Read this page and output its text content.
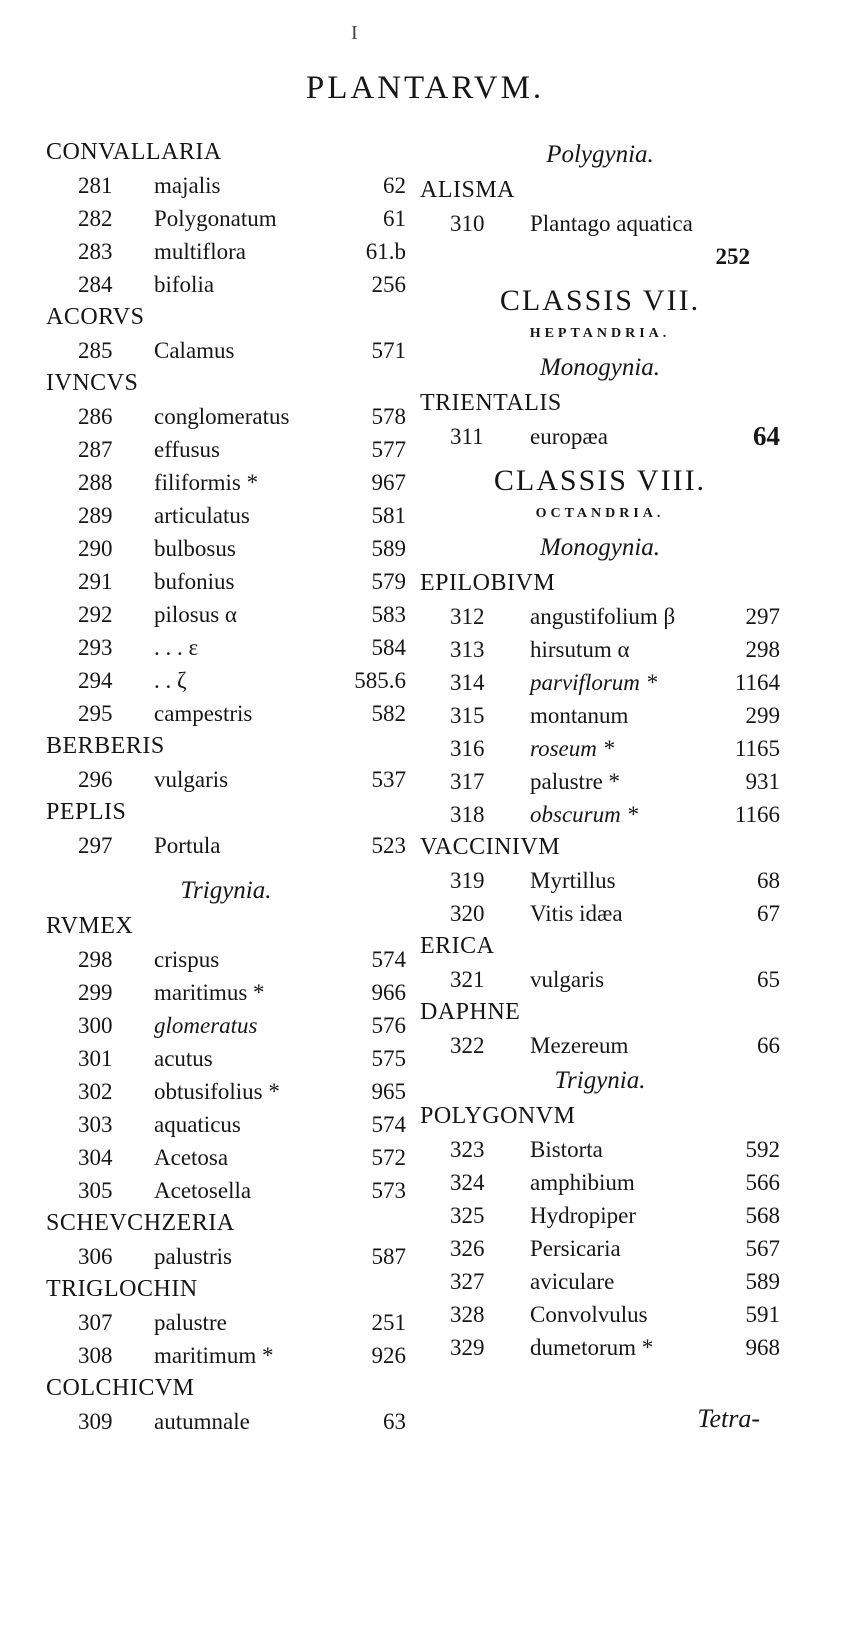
I
PLANTARVM.
CONVALLARIA
281 majalis	62
282 Polygonatum	61
283 multiflora	61.b
284 bifolia	256
ACORVS
285 Calamus	571
IVNCVS
286 conglomeratus	578
287 effusus	577
288 filiformis *	967
289 articulatus	581
290 bulbosus	589
291 bufonius	579
292 pilosus α	583
293 . . . ε	584
294 . . ζ	585.6
295 campestris	582
BERBERIS
296 vulgaris	537
PEPLIS
297 Portula	523
Trigynia.
RVMEX
298 crispus	574
299 maritimus *	966
300 glomeratus	576
301 acutus	575
302 obtusifolius *	965
303 aquaticus	574
304 Acetosa	572
305 Acetosella	573
SCHEVCHZERIA
306 palustris	587
TRIGLOCHIN
307 palustre	251
308 maritimum *	926
COLCHICVM
309 autumnale	63
Polygynia.
ALISMA
310 Plantago aquatica
252
CLASSIS VII.
HEPTANDRIA.
Monogynia.
TRIENTALIS
311 europæa	64
CLASSIS VIII.
OCTANDRIA.
Monogynia.
EPILOBIVM
312 angustifolium β	297
313 hirsutum α	298
314 parviflorum *	1164
315 montanum	299
316 roseum *	1165
317 palustre *	931
318 obscurum *	1166
VACCINIVM
319 Myrtillus	68
320 Vitis idæa	67
ERICA
321 vulgaris	65
DAPHNE
322 Mezereum	66
Trigynia.
POLYGONVM
323 Bistorta	592
324 amphibium	566
325 Hydropiper	568
326 Persicaria	567
327 aviculare	589
328 Convolvulus	591
329 dumetorum *	968
Tetra-
